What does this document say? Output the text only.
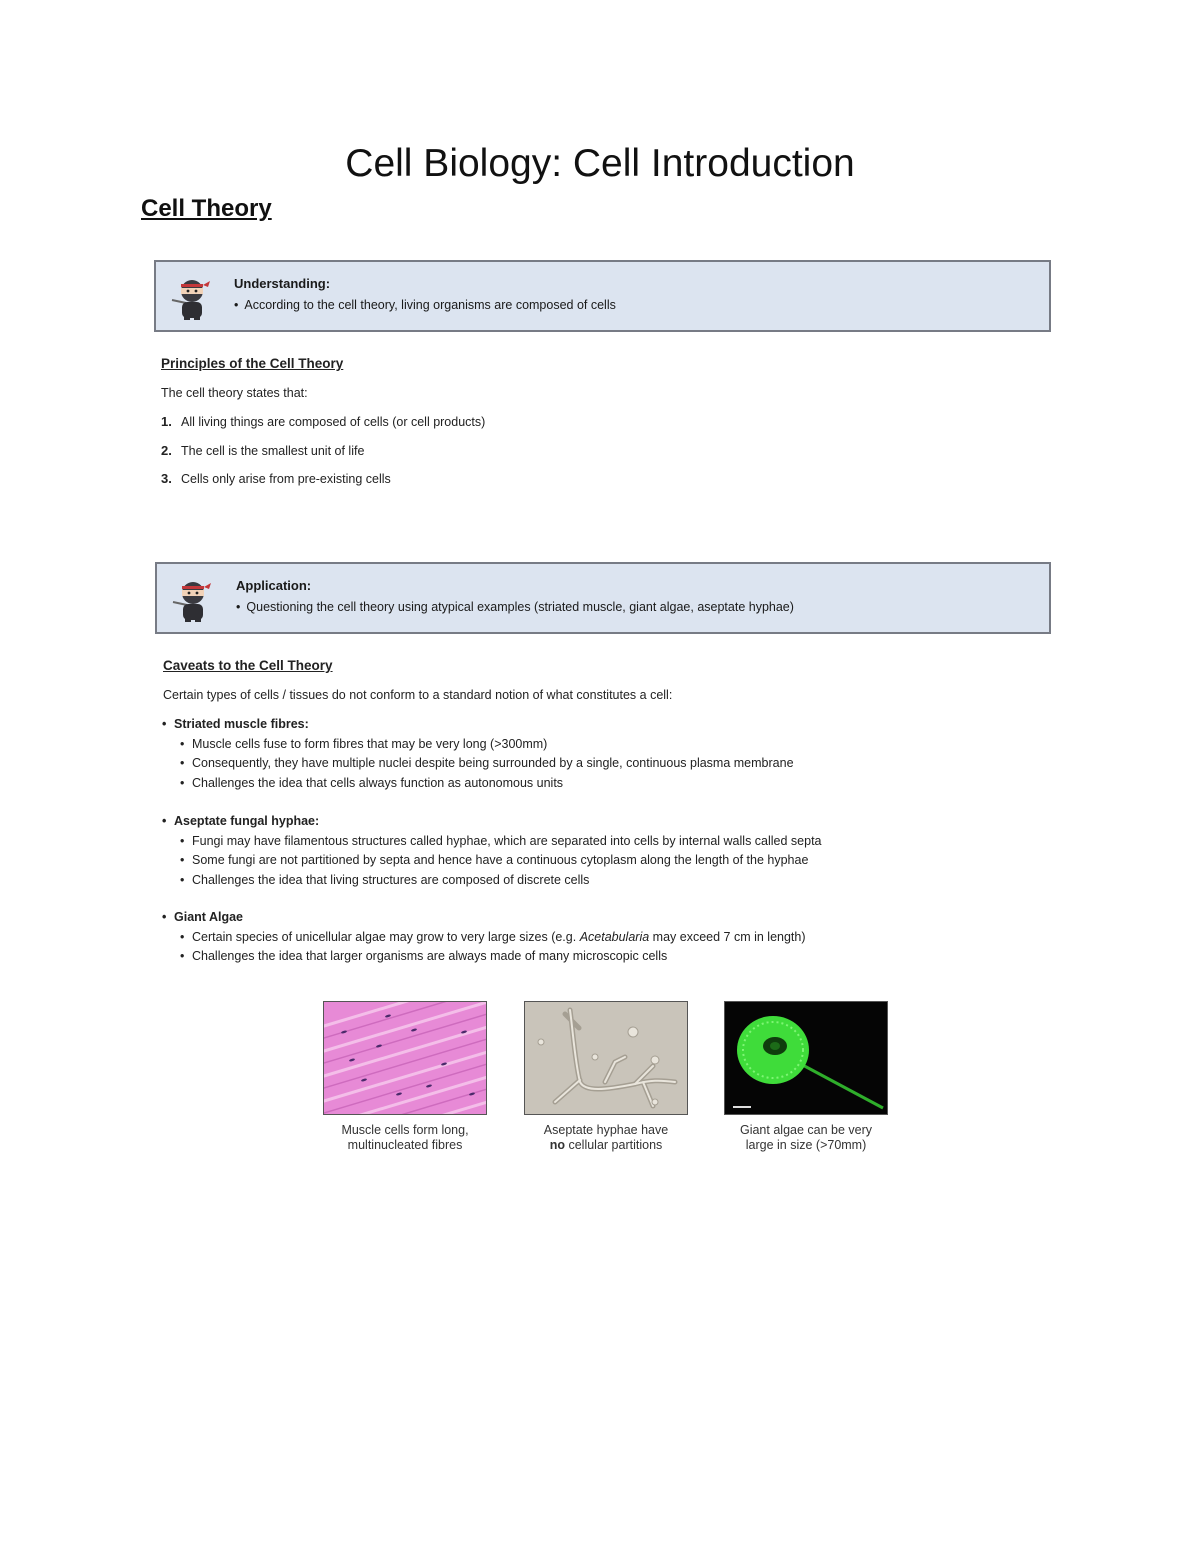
Cell Biology: Cell Introduction
Cell Theory
Understanding:
• According to the cell theory, living organisms are composed of cells
Principles of the Cell Theory
The cell theory states that:
1. All living things are composed of cells (or cell products)
2. The cell is the smallest unit of life
3. Cells only arise from pre-existing cells
Application:
• Questioning the cell theory using atypical examples (striated muscle, giant algae, aseptate hyphae)
Caveats to the Cell Theory
Certain types of cells / tissues do not conform to a standard notion of what constitutes a cell:
• Striated muscle fibres:
• Muscle cells fuse to form fibres that may be very long (>300mm)
• Consequently, they have multiple nuclei despite being surrounded by a single, continuous plasma membrane
• Challenges the idea that cells always function as autonomous units
• Aseptate fungal hyphae:
• Fungi may have filamentous structures called hyphae, which are separated into cells by internal walls called septa
• Some fungi are not partitioned by septa and hence have a continuous cytoplasm along the length of the hyphae
• Challenges the idea that living structures are composed of discrete cells
• Giant Algae
• Certain species of unicellular algae may grow to very large sizes (e.g. Acetabularia may exceed 7 cm in length)
• Challenges the idea that larger organisms are always made of many microscopic cells
Muscle cells form long,
multinucleated fibres
Aseptate hyphae have
no cellular partitions
Giant algae can be very
large in size (>70mm)
